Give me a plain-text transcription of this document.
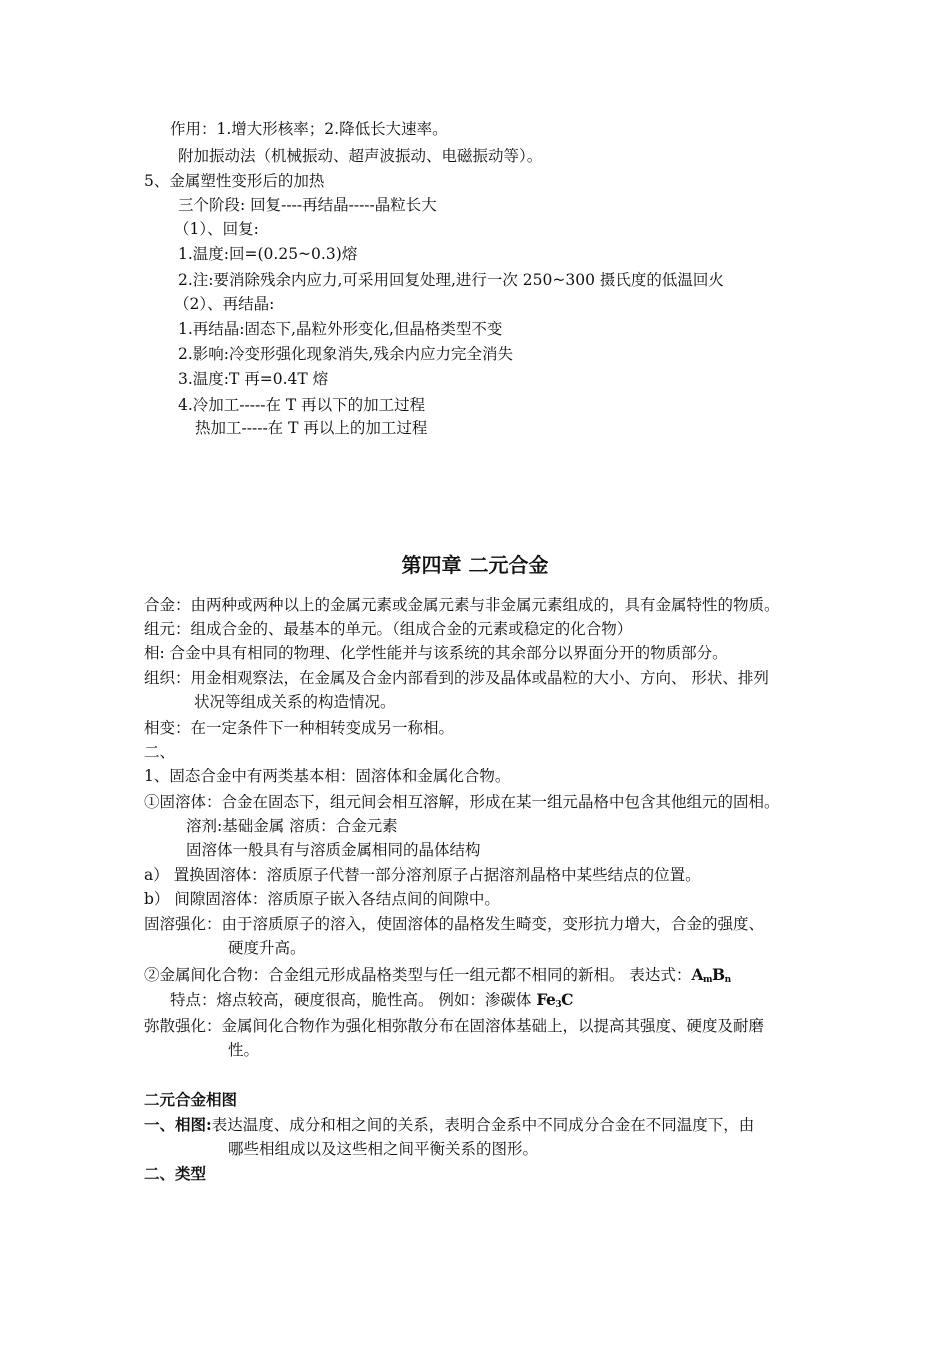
作用：1.增大形核率；2.降低长大速率。
附加振动法（机械振动、超声波振动、电磁振动等）。
5、金属塑性变形后的加热
三个阶段: 回复----再结晶-----晶粒长大
（1）、回复:
1.温度:回=(0.25~0.3)熔
2.注:要消除残余内应力,可采用回复处理,进行一次 250~300 摄氏度的低温回火
（2）、再结晶:
1.再结晶:固态下,晶粒外形变化,但晶格类型不变
2.影响:冷变形强化现象消失,残余内应力完全消失
3.温度:T 再=0.4T 熔
4.冷加工-----在 T 再以下的加工过程
热加工-----在 T 再以上的加工过程
第四章 二元合金
合金：由两种或两种以上的金属元素或金属元素与非金属元素组成的，具有金属特性的物质。
组元：组成合金的、最基本的单元。（组成合金的元素或稳定的化合物）
相: 合金中具有相同的物理、化学性能并与该系统的其余部分以界面分开的物质部分。
组织：用金相观察法，在金属及合金内部看到的涉及晶体或晶粒的大小、方向、 形状、排列
状况等组成关系的构造情况。
相变：在一定条件下一种相转变成另一称相。
二、
1、固态合金中有两类基本相：固溶体和金属化合物。
①固溶体：合金在固态下，组元间会相互溶解，形成在某一组元晶格中包含其他组元的固相。
溶剂:基础金属 溶质：合金元素
固溶体一般具有与溶质金属相同的晶体结构
a） 置换固溶体：溶质原子代替一部分溶剂原子占据溶剂晶格中某些结点的位置。
b） 间隙固溶体：溶质原子嵌入各结点间的间隙中。
固溶强化：由于溶质原子的溶入，使固溶体的晶格发生畸变，变形抗力增大，合金的强度、
硬度升高。
②金属间化合物：合金组元形成晶格类型与任一组元都不相同的新相。 表达式：$A_mB_n$
特点：熔点较高，硬度很高，脆性高。 例如：渗碳体 $Fe_3C$
弥散强化：金属间化合物作为强化相弥散分布在固溶体基础上，以提高其强度、硬度及耐磨
性。
二元合金相图
一、相图:表达温度、成分和相之间的关系，表明合金系中不同成分合金在不同温度下，由
哪些相组成以及这些相之间平衡关系的图形。
二、类型
